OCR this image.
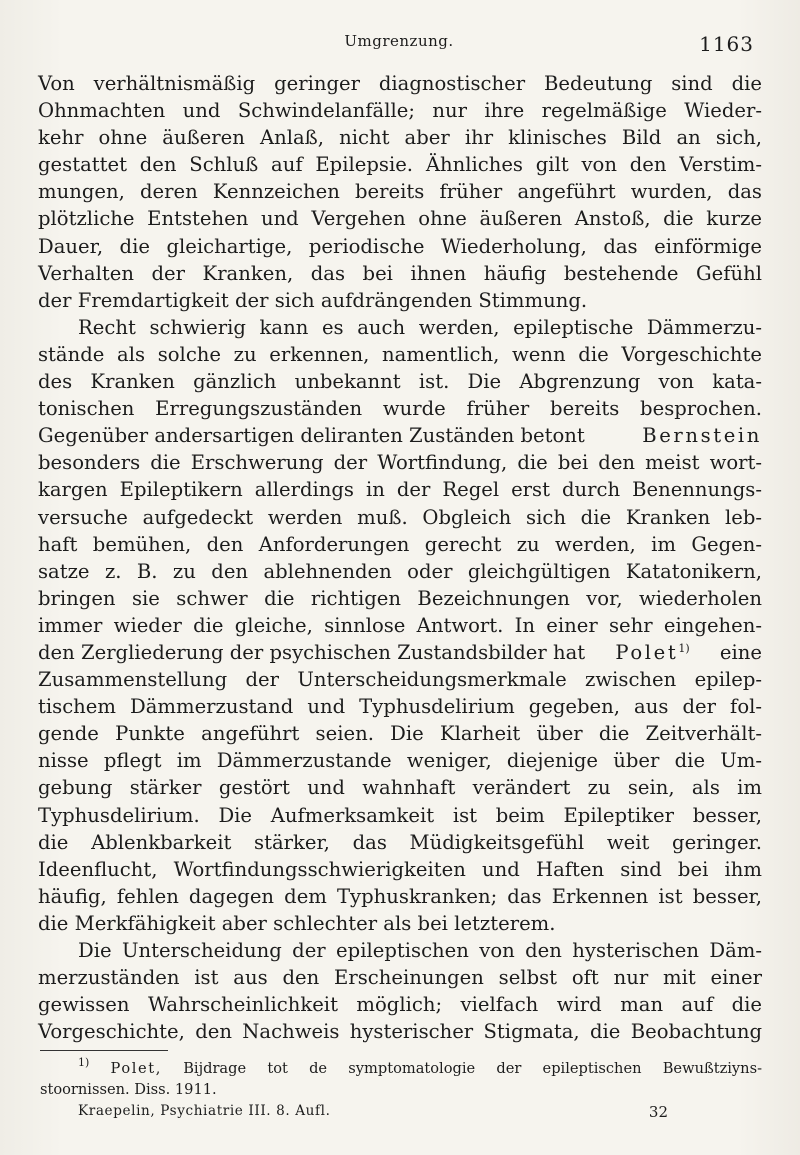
Umgrenzung.	1163
Von verhältnismäßig geringer diagnostischer Bedeutung sind die
Ohnmachten und Schwindelanfälle; nur ihre regelmäßige Wieder-
kehr ohne äußeren Anlaß, nicht aber ihr klinisches Bild an sich,
gestattet den Schluß auf Epilepsie. Ähnliches gilt von den Verstim-
mungen, deren Kennzeichen bereits früher angeführt wurden, das
plötzliche Entstehen und Vergehen ohne äußeren Anstoß, die kurze
Dauer, die gleichartige, periodische Wiederholung, das einförmige
Verhalten der Kranken, das bei ihnen häufig bestehende Gefühl
der Fremdartigkeit der sich aufdrängenden Stimmung.
Recht schwierig kann es auch werden, epileptische Dämmerzu-
stände als solche zu erkennen, namentlich, wenn die Vorgeschichte
des Kranken gänzlich unbekannt ist. Die Abgrenzung von kata-
tonischen Erregungszuständen wurde früher bereits besprochen.
Gegenüber andersartigen deliranten Zuständen betont	Bernstein
besonders die Erschwerung der Wortfindung, die bei den meist wort-
kargen Epileptikern allerdings in der Regel erst durch Benennungs-
versuche aufgedeckt werden muß. Obgleich sich die Kranken leb-
haft bemühen, den Anforderungen gerecht zu werden, im Gegen-
satze z. B. zu den ablehnenden oder gleichgültigen Katatonikern,
bringen sie schwer die richtigen Bezeichnungen vor, wiederholen
immer wieder die gleiche, sinnlose Antwort. In einer sehr eingehen-
den Zergliederung der psychischen Zustandsbilder hat Polet$^{1)}$ eine
Zusammenstellung der Unterscheidungsmerkmale zwischen epilep-
tischem Dämmerzustand und Typhusdelirium gegeben, aus der fol-
gende Punkte angeführt seien. Die Klarheit über die Zeitverhält-
nisse pflegt im Dämmerzustande weniger, diejenige über die Um-
gebung stärker gestört und wahnhaft verändert zu sein, als im
Typhusdelirium. Die Aufmerksamkeit ist beim Epileptiker besser,
die Ablenkbarkeit stärker, das Müdigkeitsgefühl weit geringer.
Ideenflucht, Wortfindungsschwierigkeiten und Haften sind bei ihm
häufig, fehlen dagegen dem Typhuskranken; das Erkennen ist besser,
die Merkfähigkeit aber schlechter als bei letzterem.
Die Unterscheidung der epileptischen von den hysterischen Däm-
merzuständen ist aus den Erscheinungen selbst oft nur mit einer
gewissen Wahrscheinlichkeit möglich; vielfach wird man auf die
Vorgeschichte, den Nachweis hysterischer Stigmata, die Beobachtung
$^{1)}$ Polet, Bijdrage tot de symptomatologie der epileptischen Bewußtziyns-
stoornissen. Diss. 1911.
Kraepelin, Psychiatrie III. 8. Aufl.	32
